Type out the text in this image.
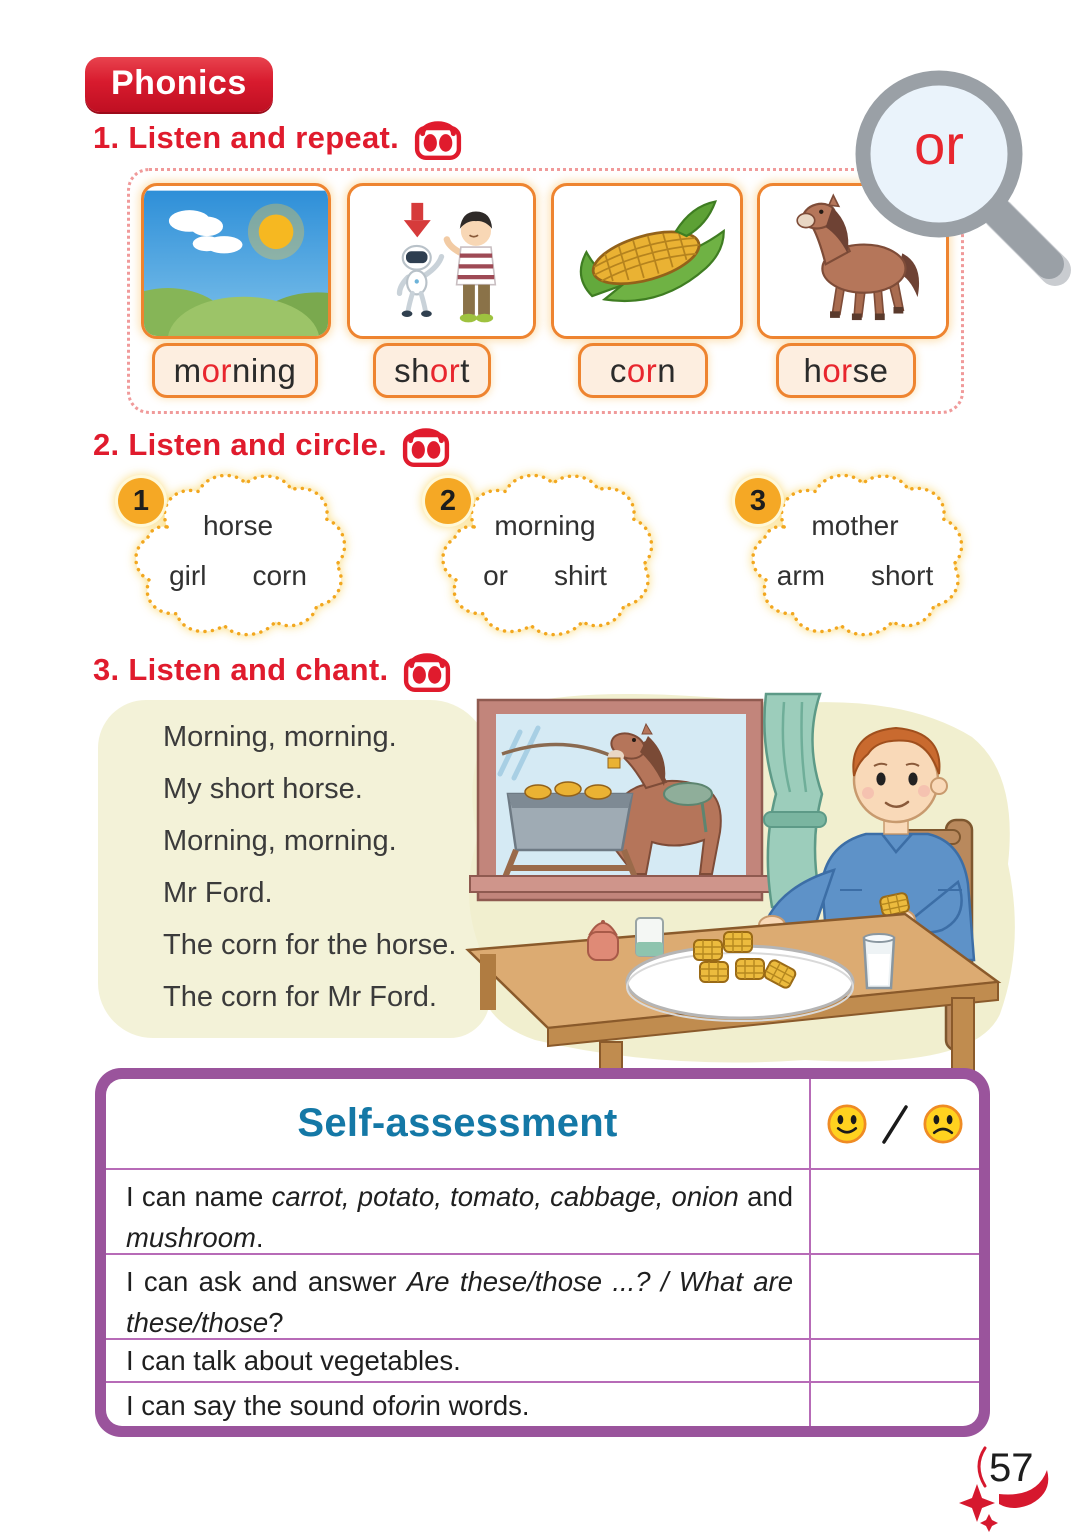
Phonics
1. Listen and repeat.
m or ning	sh or t	c or n	h or se
or
2. Listen and circle.
1
horse
girl corn
2
morning
or shirt
3
mother
arm short
3. Listen and chant.
Morning, morning.
My short horse.
Morning, morning.
Mr Ford.
The corn for the horse.
The corn for Mr Ford.
Self-assessment
I can name carrot, potato, tomato, cabbage, onion and mushroom.
I can ask and answer Are these/those ...? / What are these/those?
I can talk about vegetables.
I can say the sound of or in words.
57
